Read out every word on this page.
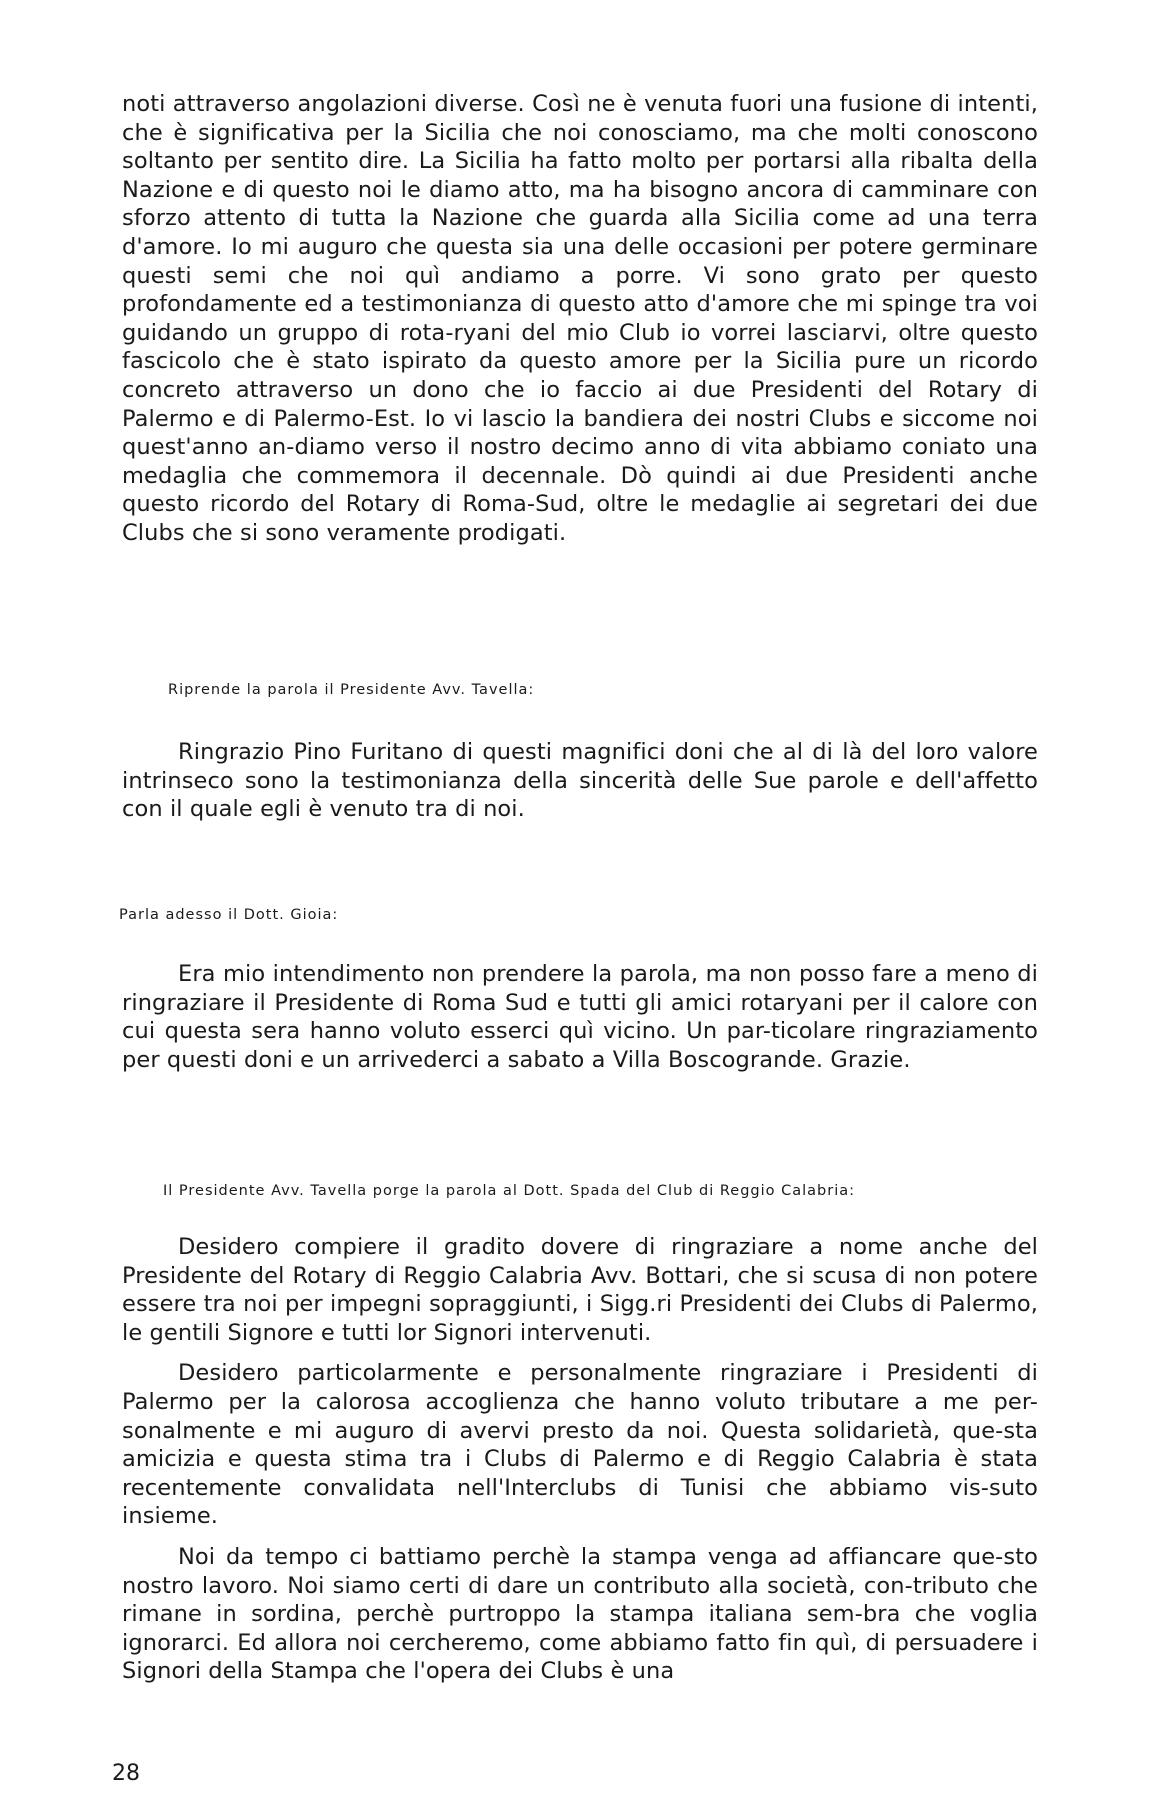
noti attraverso angolazioni diverse. Così ne è venuta fuori una fusione di intenti, che è significativa per la Sicilia che noi conosciamo, ma che molti conoscono soltanto per sentito dire. La Sicilia ha fatto molto per portarsi alla ribalta della Nazione e di questo noi le diamo atto, ma ha bisogno ancora di camminare con sforzo attento di tutta la Nazione che guarda alla Sicilia come ad una terra d'amore. Io mi auguro che questa sia una delle occasioni per potere germinare questi semi che noi quì andiamo a porre. Vi sono grato per questo profondamente ed a testimonianza di questo atto d'amore che mi spinge tra voi guidando un gruppo di rota-ryani del mio Club io vorrei lasciarvi, oltre questo fascicolo che è stato ispirato da questo amore per la Sicilia pure un ricordo concreto attraverso un dono che io faccio ai due Presidenti del Rotary di Palermo e di Palermo-Est. Io vi lascio la bandiera dei nostri Clubs e siccome noi quest'anno an-diamo verso il nostro decimo anno di vita abbiamo coniato una medaglia che commemora il decennale. Dò quindi ai due Presidenti anche questo ricordo del Rotary di Roma-Sud, oltre le medaglie ai segretari dei due Clubs che si sono veramente prodigati.

Riprende la parola il Presidente Avv. Tavella:

Ringrazio Pino Furitano di questi magnifici doni che al di là del loro valore intrinseco sono la testimonianza della sincerità delle Sue parole e dell'affetto con il quale egli è venuto tra di noi.

Parla adesso il Dott. Gioia:

Era mio intendimento non prendere la parola, ma non posso fare a meno di ringraziare il Presidente di Roma Sud e tutti gli amici rotaryani per il calore con cui questa sera hanno voluto esserci quì vicino. Un par-ticolare ringraziamento per questi doni e un arrivederci a sabato a Villa Boscogrande. Grazie.

Il Presidente Avv. Tavella porge la parola al Dott. Spada del Club di Reggio Calabria:

Desidero compiere il gradito dovere di ringraziare a nome anche del Presidente del Rotary di Reggio Calabria Avv. Bottari, che si scusa di non potere essere tra noi per impegni sopraggiunti, i Sigg.ri Presidenti dei Clubs di Palermo, le gentili Signore e tutti lor Signori intervenuti.

Desidero particolarmente e personalmente ringraziare i Presidenti di Palermo per la calorosa accoglienza che hanno voluto tributare a me per-sonalmente e mi auguro di avervi presto da noi. Questa solidarietà, que-sta amicizia e questa stima tra i Clubs di Palermo e di Reggio Calabria è stata recentemente convalidata nell'Interclubs di Tunisi che abbiamo vis-suto insieme.

Noi da tempo ci battiamo perchè la stampa venga ad affiancare que-sto nostro lavoro. Noi siamo certi di dare un contributo alla società, con-tributo che rimane in sordina, perchè purtroppo la stampa italiana sem-bra che voglia ignorarci. Ed allora noi cercheremo, come abbiamo fatto fin quì, di persuadere i Signori della Stampa che l'opera dei Clubs è una

28
